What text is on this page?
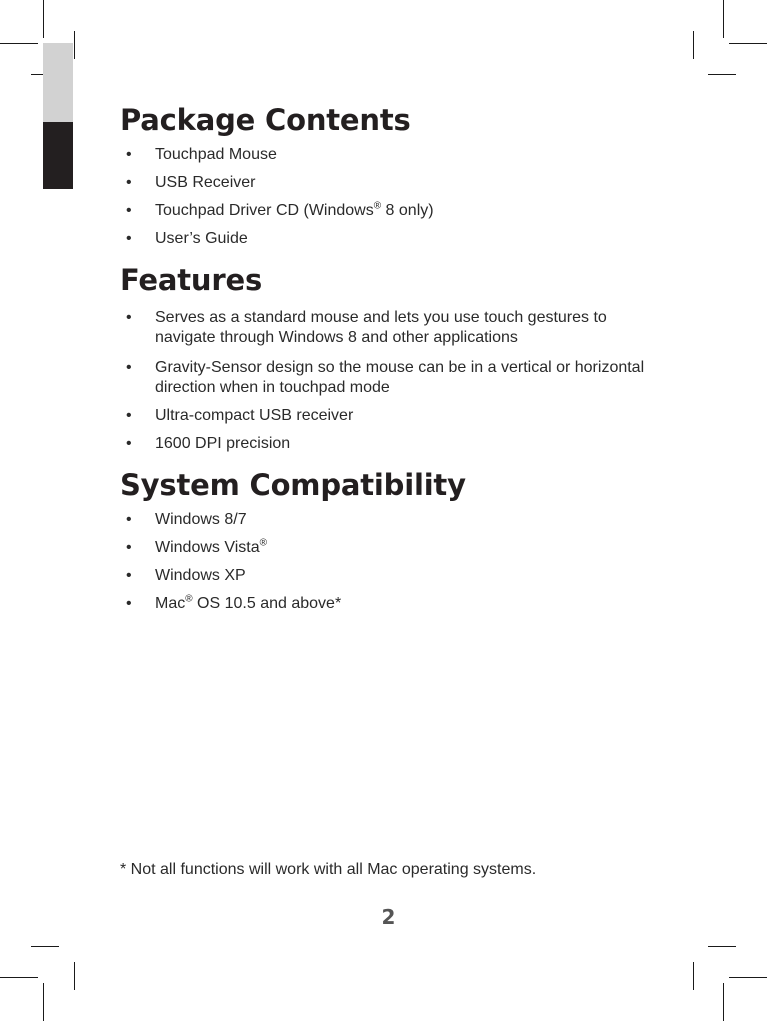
Package Contents
• Touchpad Mouse
• USB Receiver
• Touchpad Driver CD (Windows® 8 only)
• User’s Guide
Features
• Serves as a standard mouse and lets you use touch gestures to navigate through Windows 8 and other applications
• Gravity-Sensor design so the mouse can be in a vertical or horizontal direction when in touchpad mode
• Ultra-compact USB receiver
• 1600 DPI precision
System Compatibility
• Windows 8/7
• Windows Vista®
• Windows XP
• Mac® OS 10.5 and above*
* Not all functions will work with all Mac operating systems.
2
